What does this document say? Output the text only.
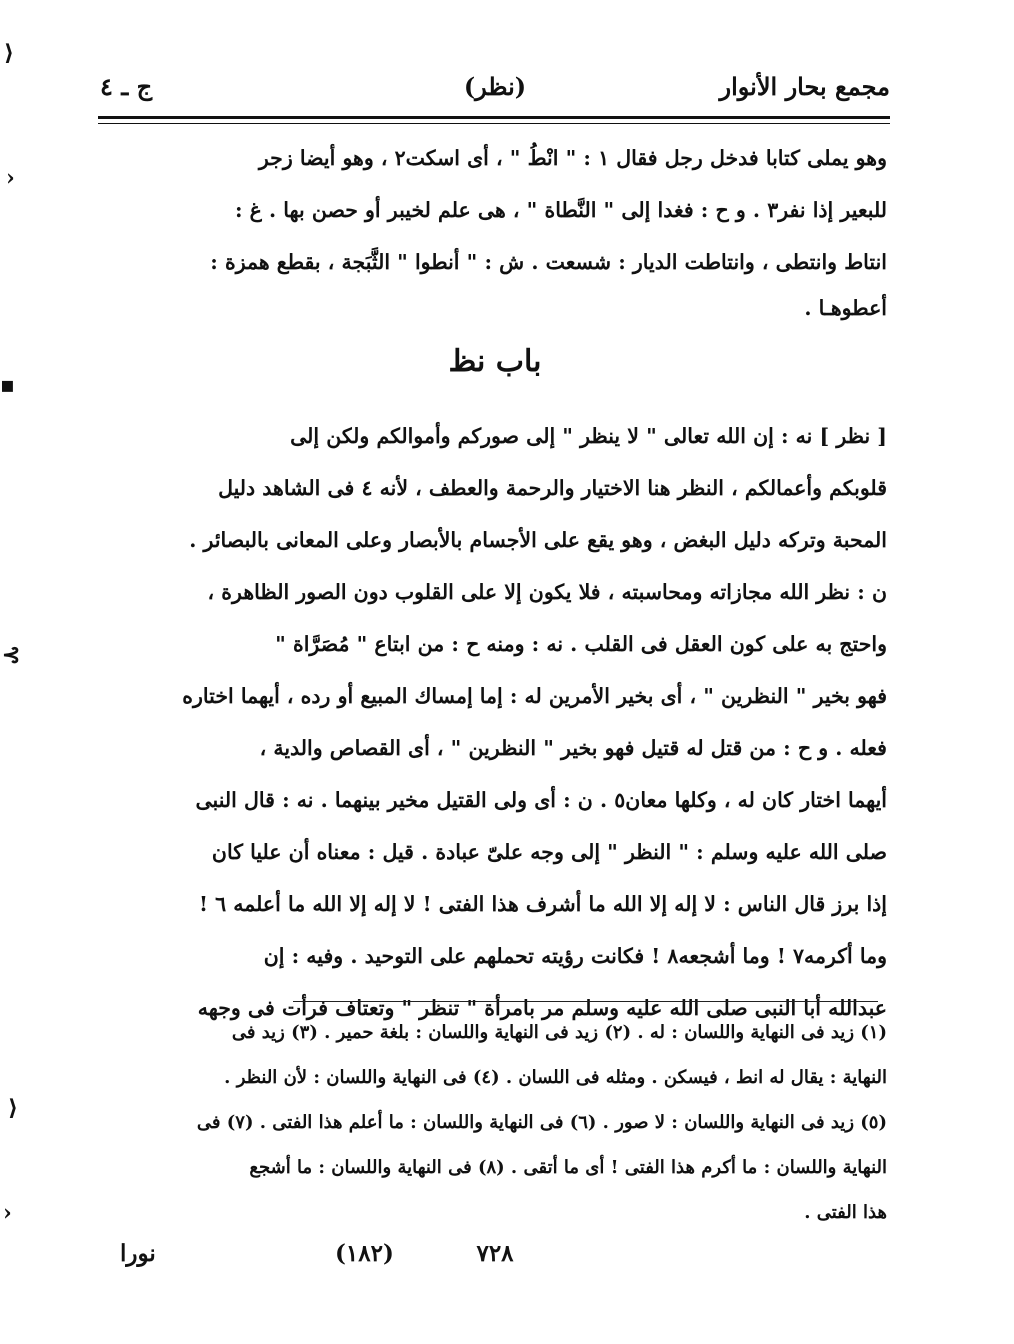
مجمع بحار الأنوار
(نظر)
ج ـ ٤
وهو يملى كتابا فدخل رجل فقال ١ : " انْطُ " ، أى اسكت٢ ، وهو أيضا زجر
للبعير إذا نفر٣ . و ح : فغدا إلى " النَّطاة " ، هى علم لخيبر أو حصن بها . غ :
انتاط وانتطى ، وانتاطت الديار : شسعت . ش : " أنطوا " الثَّبَجة ، بقطع همزة :
أعطوهـا .
باب نظ
[ نظر ] نه : إن الله تعالى " لا ينظر " إلى صوركم وأموالكم ولكن إلى
قلوبكم وأعمالكم ، النظر هنا الاختيار والرحمة والعطف ، لأنه ٤ فى الشاهد دليل
المحبة وتركه دليل البغض ، وهو يقع على الأجسام بالأبصار وعلى المعانى بالبصائر .
ن : نظر الله مجازاته ومحاسبته ، فلا يكون إلا على القلوب دون الصور الظاهرة ،
واحتج به على كون العقل فى القلب . نه : ومنه ح : من ابتاع " مُصَرَّاة "
فهو بخير " النظرين " ، أى بخير الأمرين له : إما إمساك المبيع أو رده ، أيهما اختاره
فعله . و ح : من قتل له قتيل فهو بخير " النظرين " ، أى القصاص والدية ،
أيهما اختار كان له ، وكلها معان٥ . ن : أى ولى القتيل مخير بينهما . نه : قال النبى
صلى الله عليه وسلم : " النظر " إلى وجه علىّ عبادة . قيل : معناه أن عليا كان
إذا برز قال الناس : لا إله إلا الله ما أشرف هذا الفتى ! لا إله إلا الله ما أعلمه ٦ !
وما أكرمه٧ ! وما أشجعه٨ ! فكانت رؤيته تحملهم على التوحيد . وفيه : إن
عبدالله أبا النبى صلى الله عليه وسلم مر بامرأة " تنظر " وتعتاف فرأت فى وجهه
(١) زيد فى النهاية واللسان : له . (٢) زيد فى النهاية واللسان : بلغة حمير . (٣) زيد فى
النهاية : يقال له انط ، فيسكن . ومثله فى اللسان . (٤) فى النهاية واللسان : لأن النظر .
(٥) زيد فى النهاية واللسان : لا صور . (٦) فى النهاية واللسان : ما أعلم هذا الفتى . (٧) فى
النهاية واللسان : ما أكرم هذا الفتى ! أى ما أتقى . (٨) فى النهاية واللسان : ما أشجع
هذا الفتى .
٧٢٨
(١٨٢)
نورا
⟩
›
▪
⊰
⟩
›
